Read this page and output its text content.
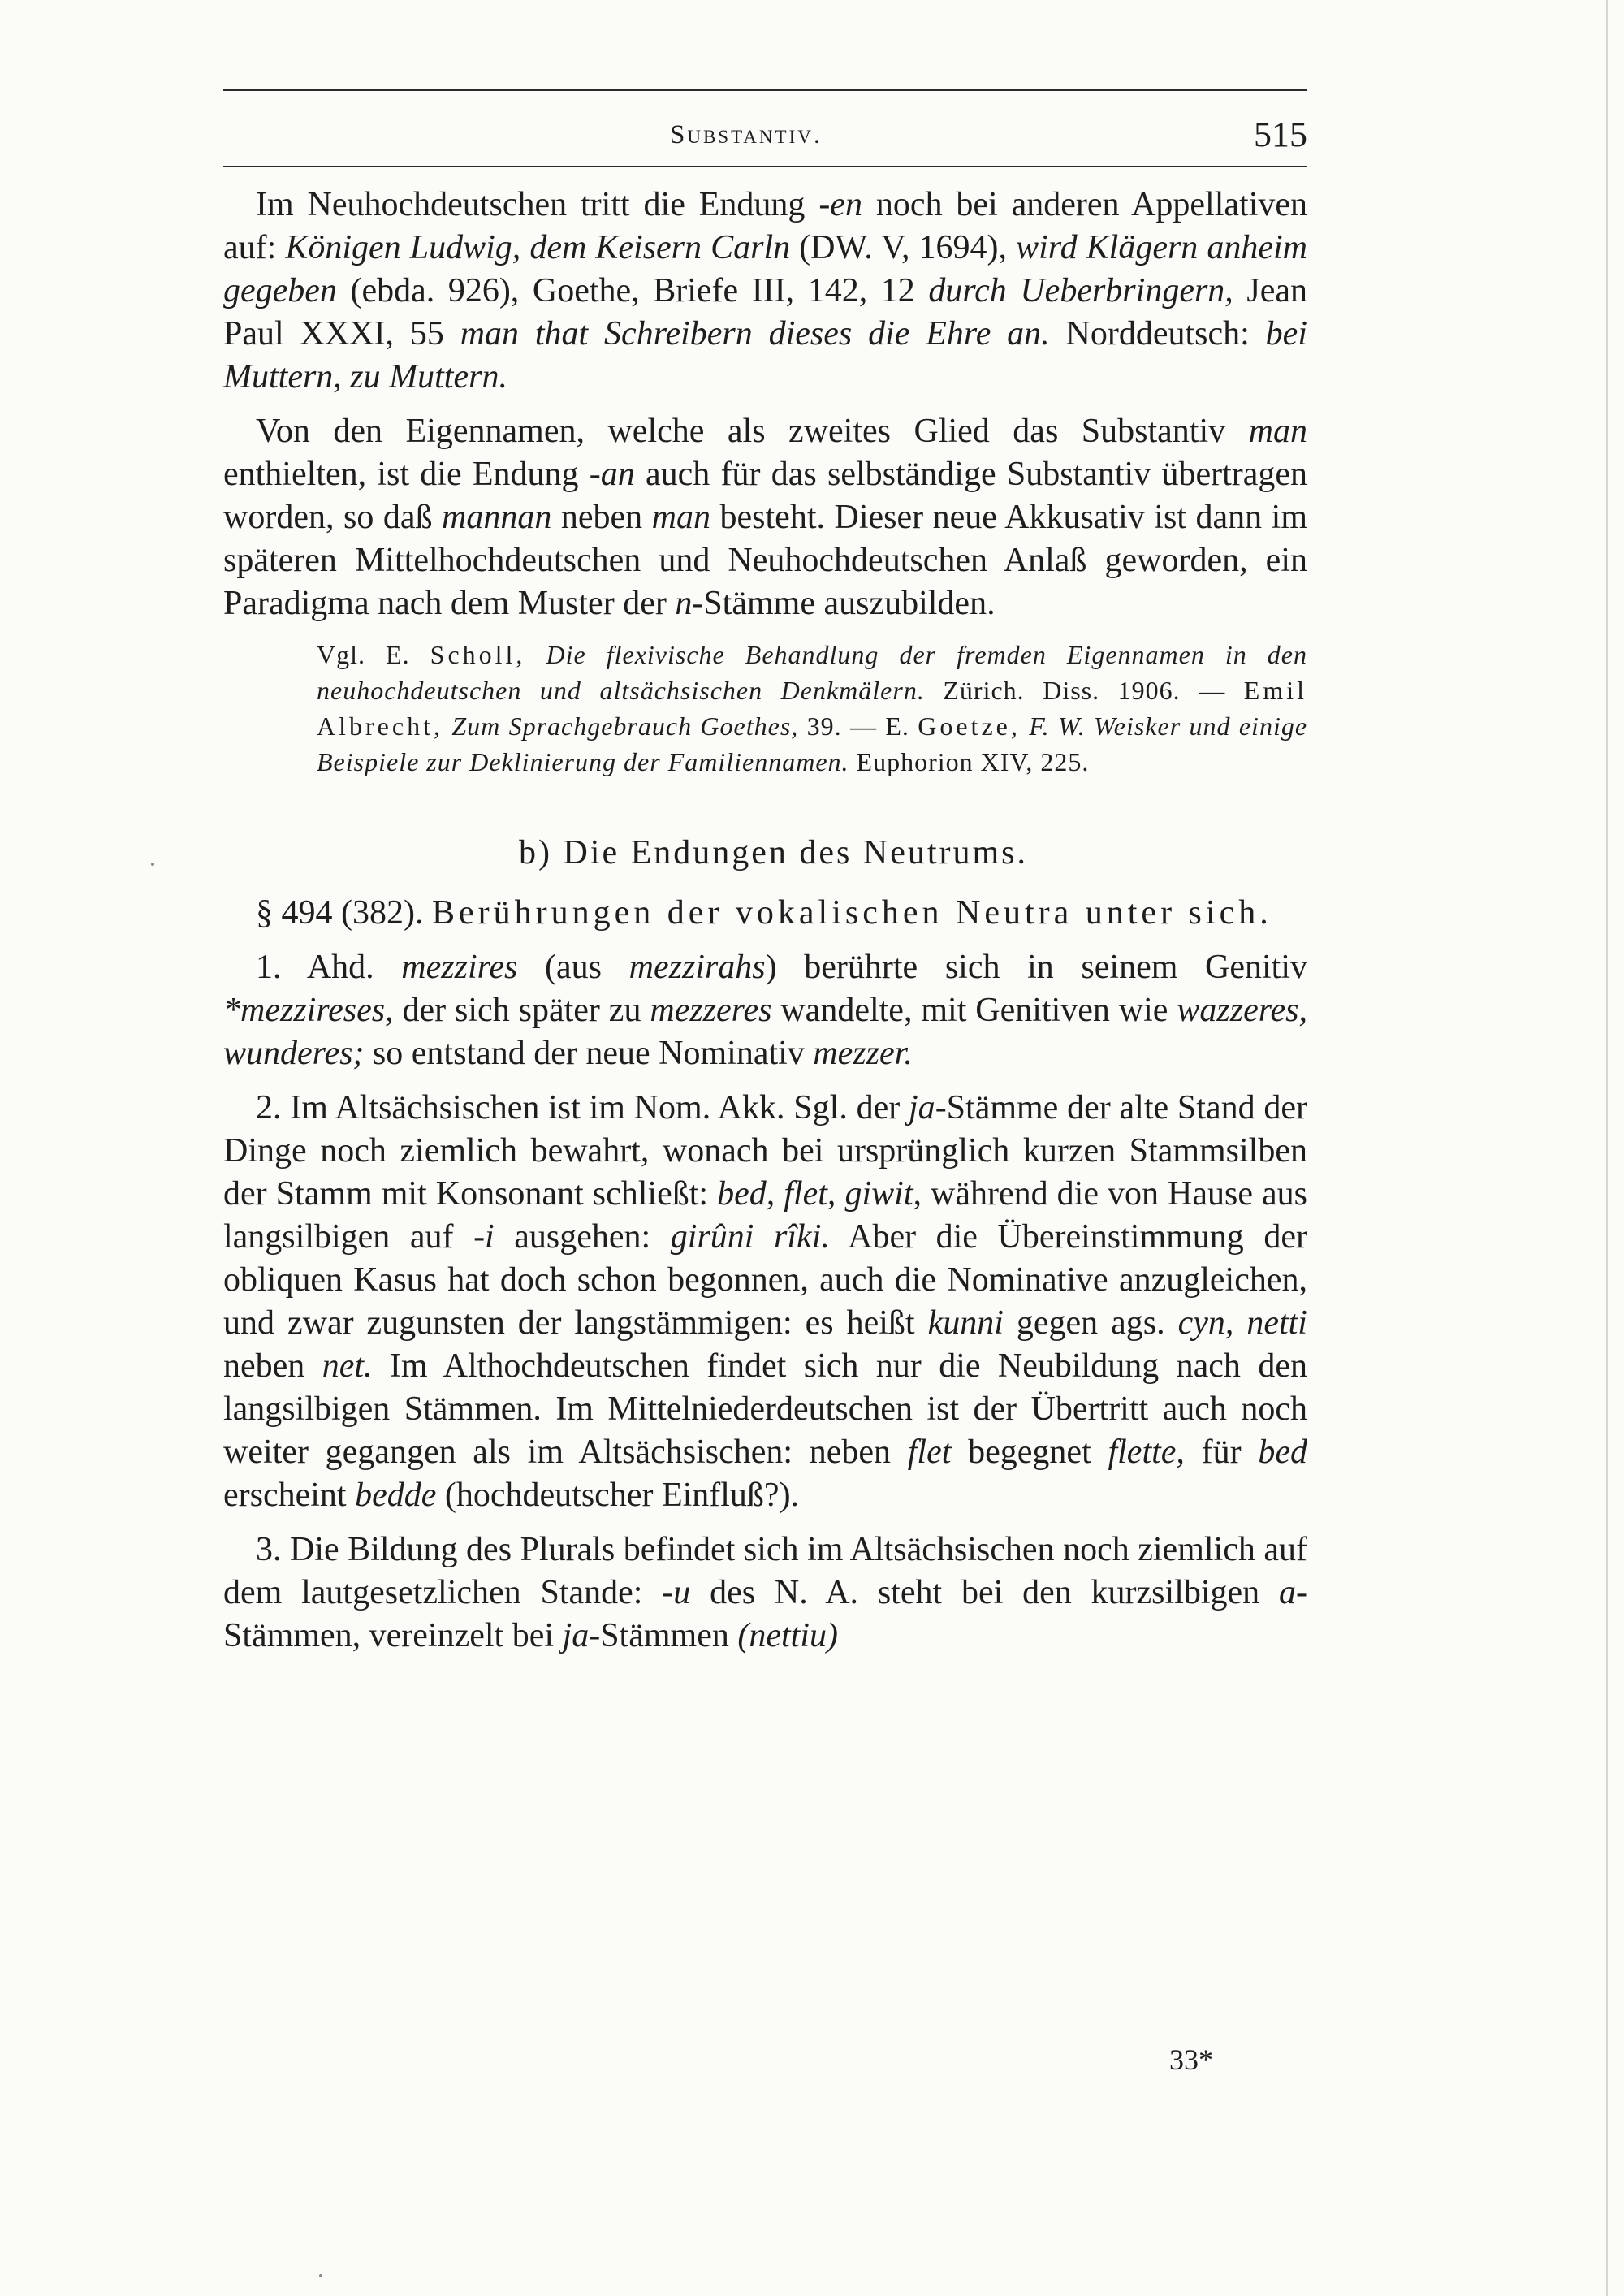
Substantiv.	515

Im Neuhochdeutschen tritt die Endung -en noch bei anderen Appellativen auf: Königen Ludwig, dem Keisern Carln (DW. V, 1694), wird Klägern anheim gegeben (ebda. 926), Goethe, Briefe III, 142, 12 durch Ueberbringern, Jean Paul XXXI, 55 man that Schreibern dieses die Ehre an. Norddeutsch: bei Muttern, zu Muttern.

Von den Eigennamen, welche als zweites Glied das Substantiv man enthielten, ist die Endung -an auch für das selbständige Substantiv übertragen worden, so daß mannan neben man besteht. Dieser neue Akkusativ ist dann im späteren Mittelhochdeutschen und Neuhochdeutschen Anlaß geworden, ein Paradigma nach dem Muster der n-Stämme auszubilden.

Vgl. E. Scholl, Die flexivische Behandlung der fremden Eigennamen in den neuhochdeutschen und altsächsischen Denkmälern. Zürich. Diss. 1906. — Emil Albrecht, Zum Sprachgebrauch Goethes, 39. — E. Goetze, F. W. Weisker und einige Beispiele zur Deklinierung der Familiennamen. Euphorion XIV, 225.

b) Die Endungen des Neutrums.

§ 494 (382). Berührungen der vokalischen Neutra unter sich.

1. Ahd. mezzires (aus mezzirahs) berührte sich in seinem Genitiv *mezzireses, der sich später zu mezzeres wandelte, mit Genitiven wie wazzeres, wunderes; so entstand der neue Nominativ mezzer.

2. Im Altsächsischen ist im Nom. Akk. Sgl. der ja-Stämme der alte Stand der Dinge noch ziemlich bewahrt, wonach bei ursprünglich kurzen Stammsilben der Stamm mit Konsonant schließt: bed, flet, giwit, während die von Hause aus langsilbigen auf -i ausgehen: girûni rîki. Aber die Übereinstimmung der obliquen Kasus hat doch schon begonnen, auch die Nominative anzugleichen, und zwar zugunsten der langstämmigen: es heißt kunni gegen ags. cyn, netti neben net. Im Althochdeutschen findet sich nur die Neubildung nach den langsilbigen Stämmen. Im Mittelniederdeutschen ist der Übertritt auch noch weiter gegangen als im Altsächsischen: neben flet begegnet flette, für bed erscheint bedde (hochdeutscher Einfluß?).

3. Die Bildung des Plurals befindet sich im Altsächsischen noch ziemlich auf dem lautgesetzlichen Stande: -u des N. A. steht bei den kurzsilbigen a-Stämmen, vereinzelt bei ja-Stämmen (nettiu)

33*
